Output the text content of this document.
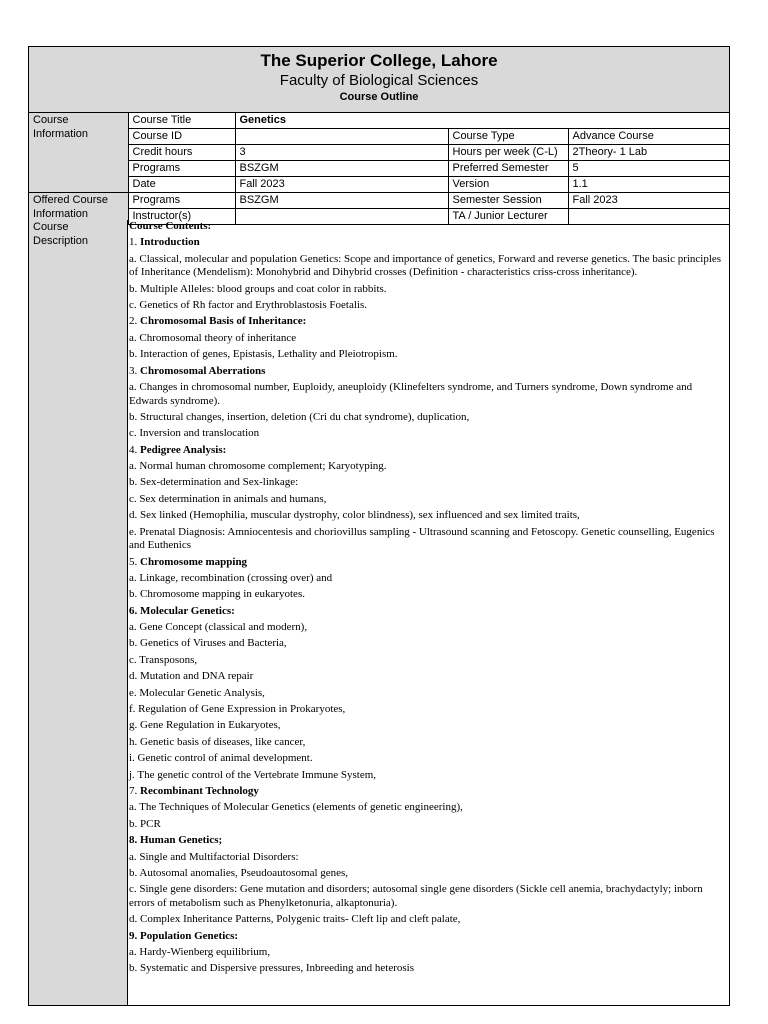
The Superior College, Lahore
Faculty of Biological Sciences
Course Outline
Course Information	Course Title	Genetics		
	Course ID		Course Type	Advance Course
	Credit hours	3	Hours per week (C-L)	2Theory- 1 Lab
	Programs	BSZGM	Preferred Semester	5
	Date	Fall 2023	Version	1.1
Offered Course Information	Programs	BSZGM	Semester Session	Fall 2023
	Instructor(s)		TA / Junior Lecturer	
Course Description
Course Contents:
1. Introduction
a. Classical, molecular and population Genetics: Scope and importance of genetics, Forward and reverse genetics. The basic principles of Inheritance (Mendelism): Monohybrid and Dihybrid crosses (Definition - characteristics criss-cross inheritance).
b. Multiple Alleles: blood groups and coat color in rabbits.
c. Genetics of Rh factor and Erythroblastosis Foetalis.
2. Chromosomal Basis of Inheritance:
a. Chromosomal theory of inheritance
b. Interaction of genes, Epistasis, Lethality and Pleiotropism.
3. Chromosomal Aberrations
a. Changes in chromosomal number, Euploidy, aneuploidy (Klinefelters syndrome, and Turners syndrome, Down syndrome and Edwards syndrome).
b. Structural changes, insertion, deletion (Cri du chat syndrome), duplication,
c. Inversion and translocation
4. Pedigree Analysis:
a. Normal human chromosome complement; Karyotyping.
b. Sex-determination and Sex-linkage:
c. Sex determination in animals and humans,
d. Sex linked (Hemophilia, muscular dystrophy, color blindness), sex influenced and sex limited traits,
e. Prenatal Diagnosis: Amniocentesis and choriovillus sampling - Ultrasound scanning and Fetoscopy. Genetic counselling, Eugenics and Euthenics
5. Chromosome mapping
a. Linkage, recombination (crossing over) and
b. Chromosome mapping in eukaryotes.
6. Molecular Genetics:
a. Gene Concept (classical and modern),
b. Genetics of Viruses and Bacteria,
c. Transposons,
d. Mutation and DNA repair
e. Molecular Genetic Analysis,
f. Regulation of Gene Expression in Prokaryotes,
g. Gene Regulation in Eukaryotes,
h. Genetic basis of diseases, like cancer,
i. Genetic control of animal development.
j. The genetic control of the Vertebrate Immune System,
7. Recombinant Technology
a. The Techniques of Molecular Genetics (elements of genetic engineering),
b. PCR
8. Human Genetics;
a. Single and Multifactorial Disorders:
b. Autosomal anomalies, Pseudoautosomal genes,
c. Single gene disorders: Gene mutation and disorders; autosomal single gene disorders (Sickle cell anemia, brachydactyly; inborn errors of metabolism such as Phenylketonuria, alkaptonuria).
d. Complex Inheritance Patterns, Polygenic traits- Cleft lip and cleft palate,
9. Population Genetics:
a. Hardy-Wienberg equilibrium,
b. Systematic and Dispersive pressures, Inbreeding and heterosis
